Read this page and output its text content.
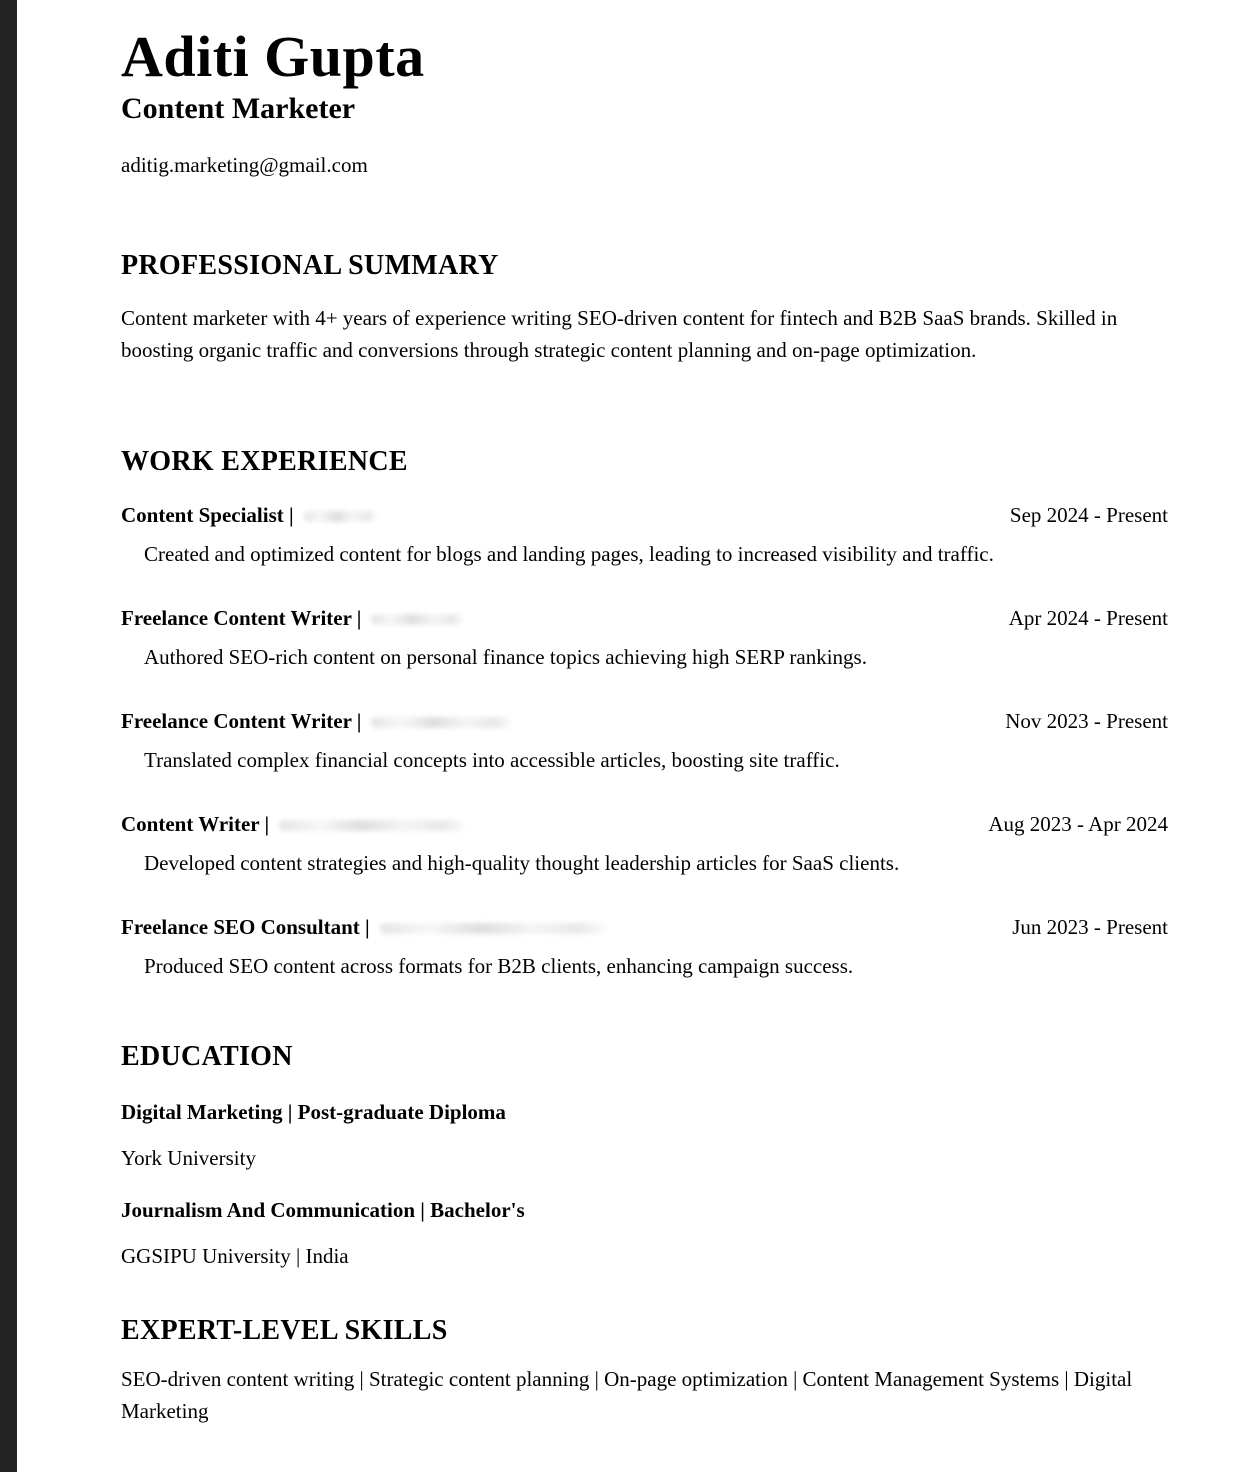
Aditi Gupta
Content Marketer
aditig.marketing@gmail.com
PROFESSIONAL SUMMARY
Content marketer with 4+ years of experience writing SEO-driven content for fintech and B2B SaaS brands. Skilled in boosting organic traffic and conversions through strategic content planning and on-page optimization.
WORK EXPERIENCE
Content Specialist |	Sep 2024 - Present
Created and optimized content for blogs and landing pages, leading to increased visibility and traffic.
Freelance Content Writer |	Apr 2024 - Present
Authored SEO-rich content on personal finance topics achieving high SERP rankings.
Freelance Content Writer |	Nov 2023 - Present
Translated complex financial concepts into accessible articles, boosting site traffic.
Content Writer |	Aug 2023 - Apr 2024
Developed content strategies and high-quality thought leadership articles for SaaS clients.
Freelance SEO Consultant |	Jun 2023 - Present
Produced SEO content across formats for B2B clients, enhancing campaign success.
EDUCATION
Digital Marketing | Post-graduate Diploma
York University
Journalism And Communication | Bachelor's
GGSIPU University | India
EXPERT-LEVEL SKILLS
SEO-driven content writing | Strategic content planning | On-page optimization | Content Management Systems | Digital Marketing
